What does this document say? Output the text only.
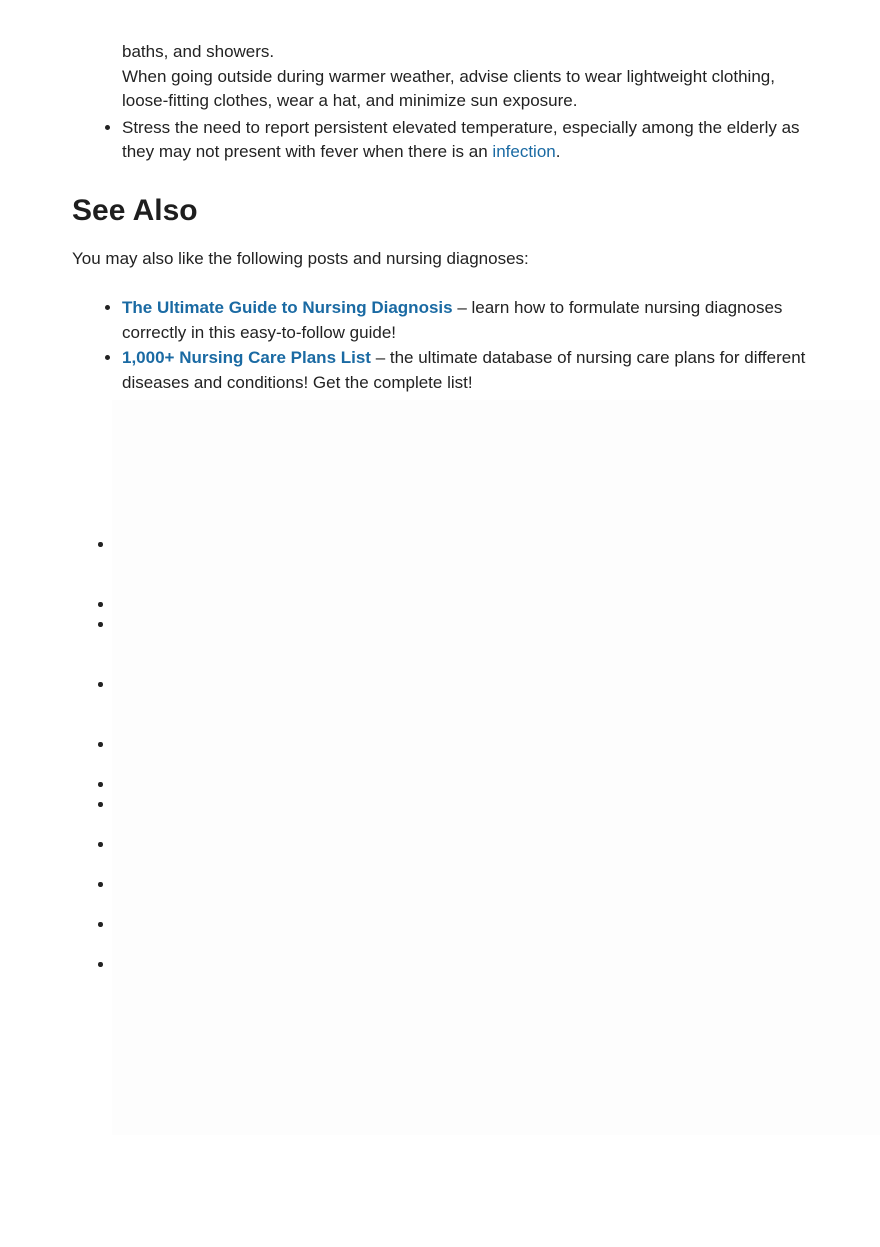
baths, and showers.
When going outside during warmer weather, advise clients to wear lightweight clothing, loose-fitting clothes, wear a hat, and minimize sun exposure.
• Stress the need to report persistent elevated temperature, especially among the elderly as they may not present with fever when there is an infection.
See Also

You may also like the following posts and nursing diagnoses:

• The Ultimate Guide to Nursing Diagnosis – learn how to formulate nursing diagnoses correctly in this easy-to-follow guide!
• 1,000+ Nursing Care Plans List – the ultimate database of nursing care plans for different diseases and conditions! Get the complete list!
